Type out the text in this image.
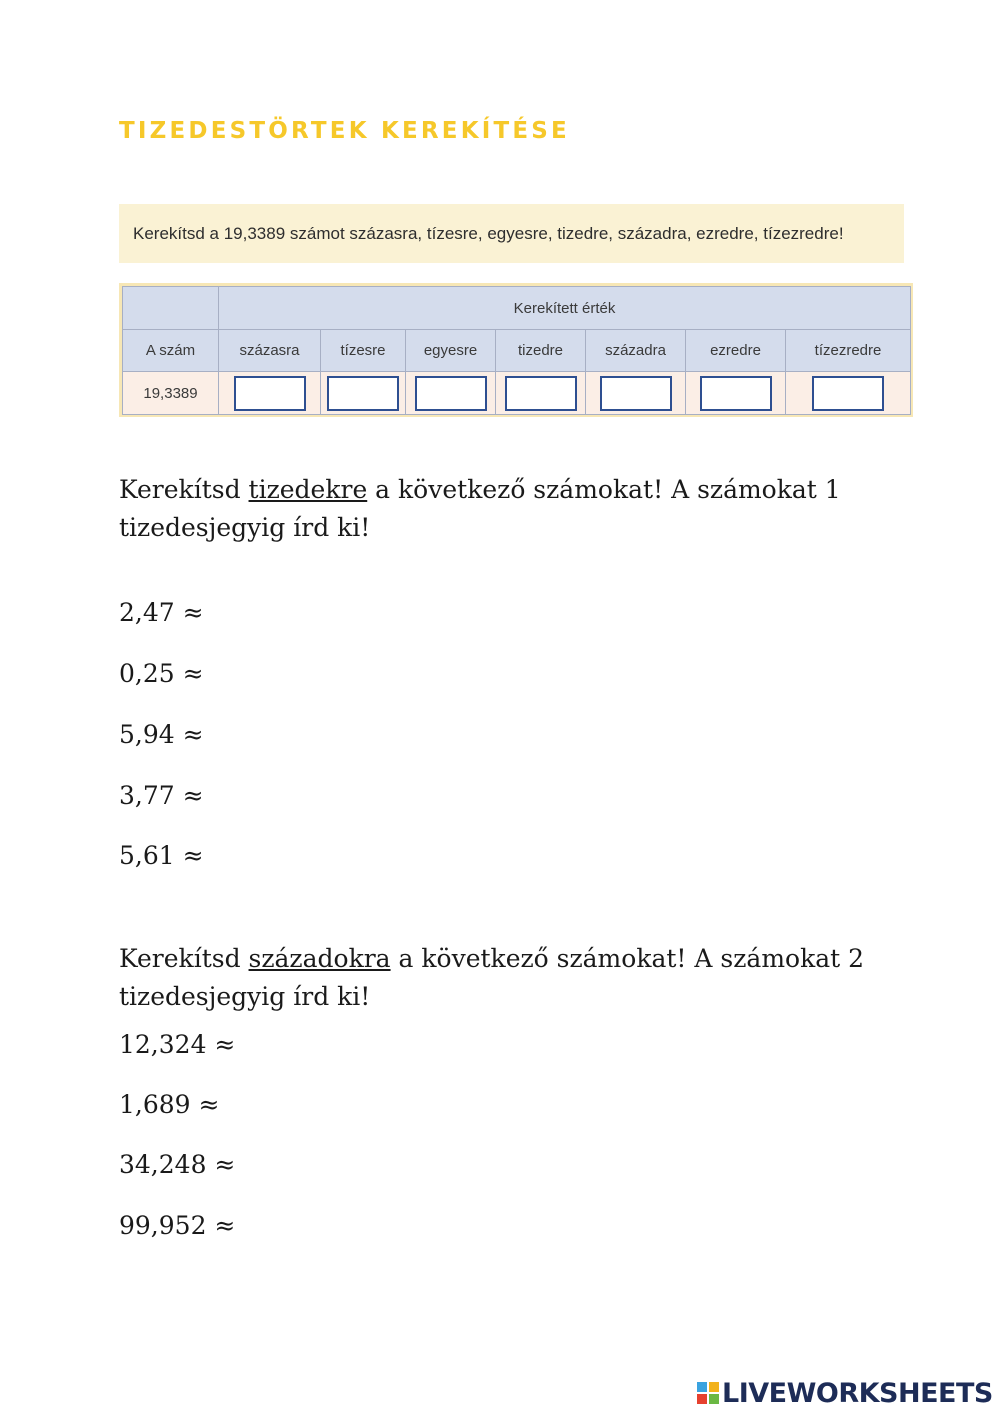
TIZEDESTÖRTEK KEREKÍTÉSE
Kerekítsd a 19,3389 számot százasra, tízesre, egyesre, tizedre, századra, ezredre, tízezredre!
	Kerekített érték						
A szám	százasra	tízesre	egyesre	tizedre	századra	ezredre	tízezredre
19,3389	

Kerekítsd tizedekre a következő számokat! A számokat 1
tizedesjegyig írd ki!
2,47 ≈
0,25 ≈
5,94 ≈
3,77 ≈
5,61 ≈
Kerekítsd századokra a következő számokat! A számokat 2
tizedesjegyig írd ki!
12,324 ≈
1,689 ≈
34,248 ≈
99,952 ≈
LIVEWORKSHEETS
